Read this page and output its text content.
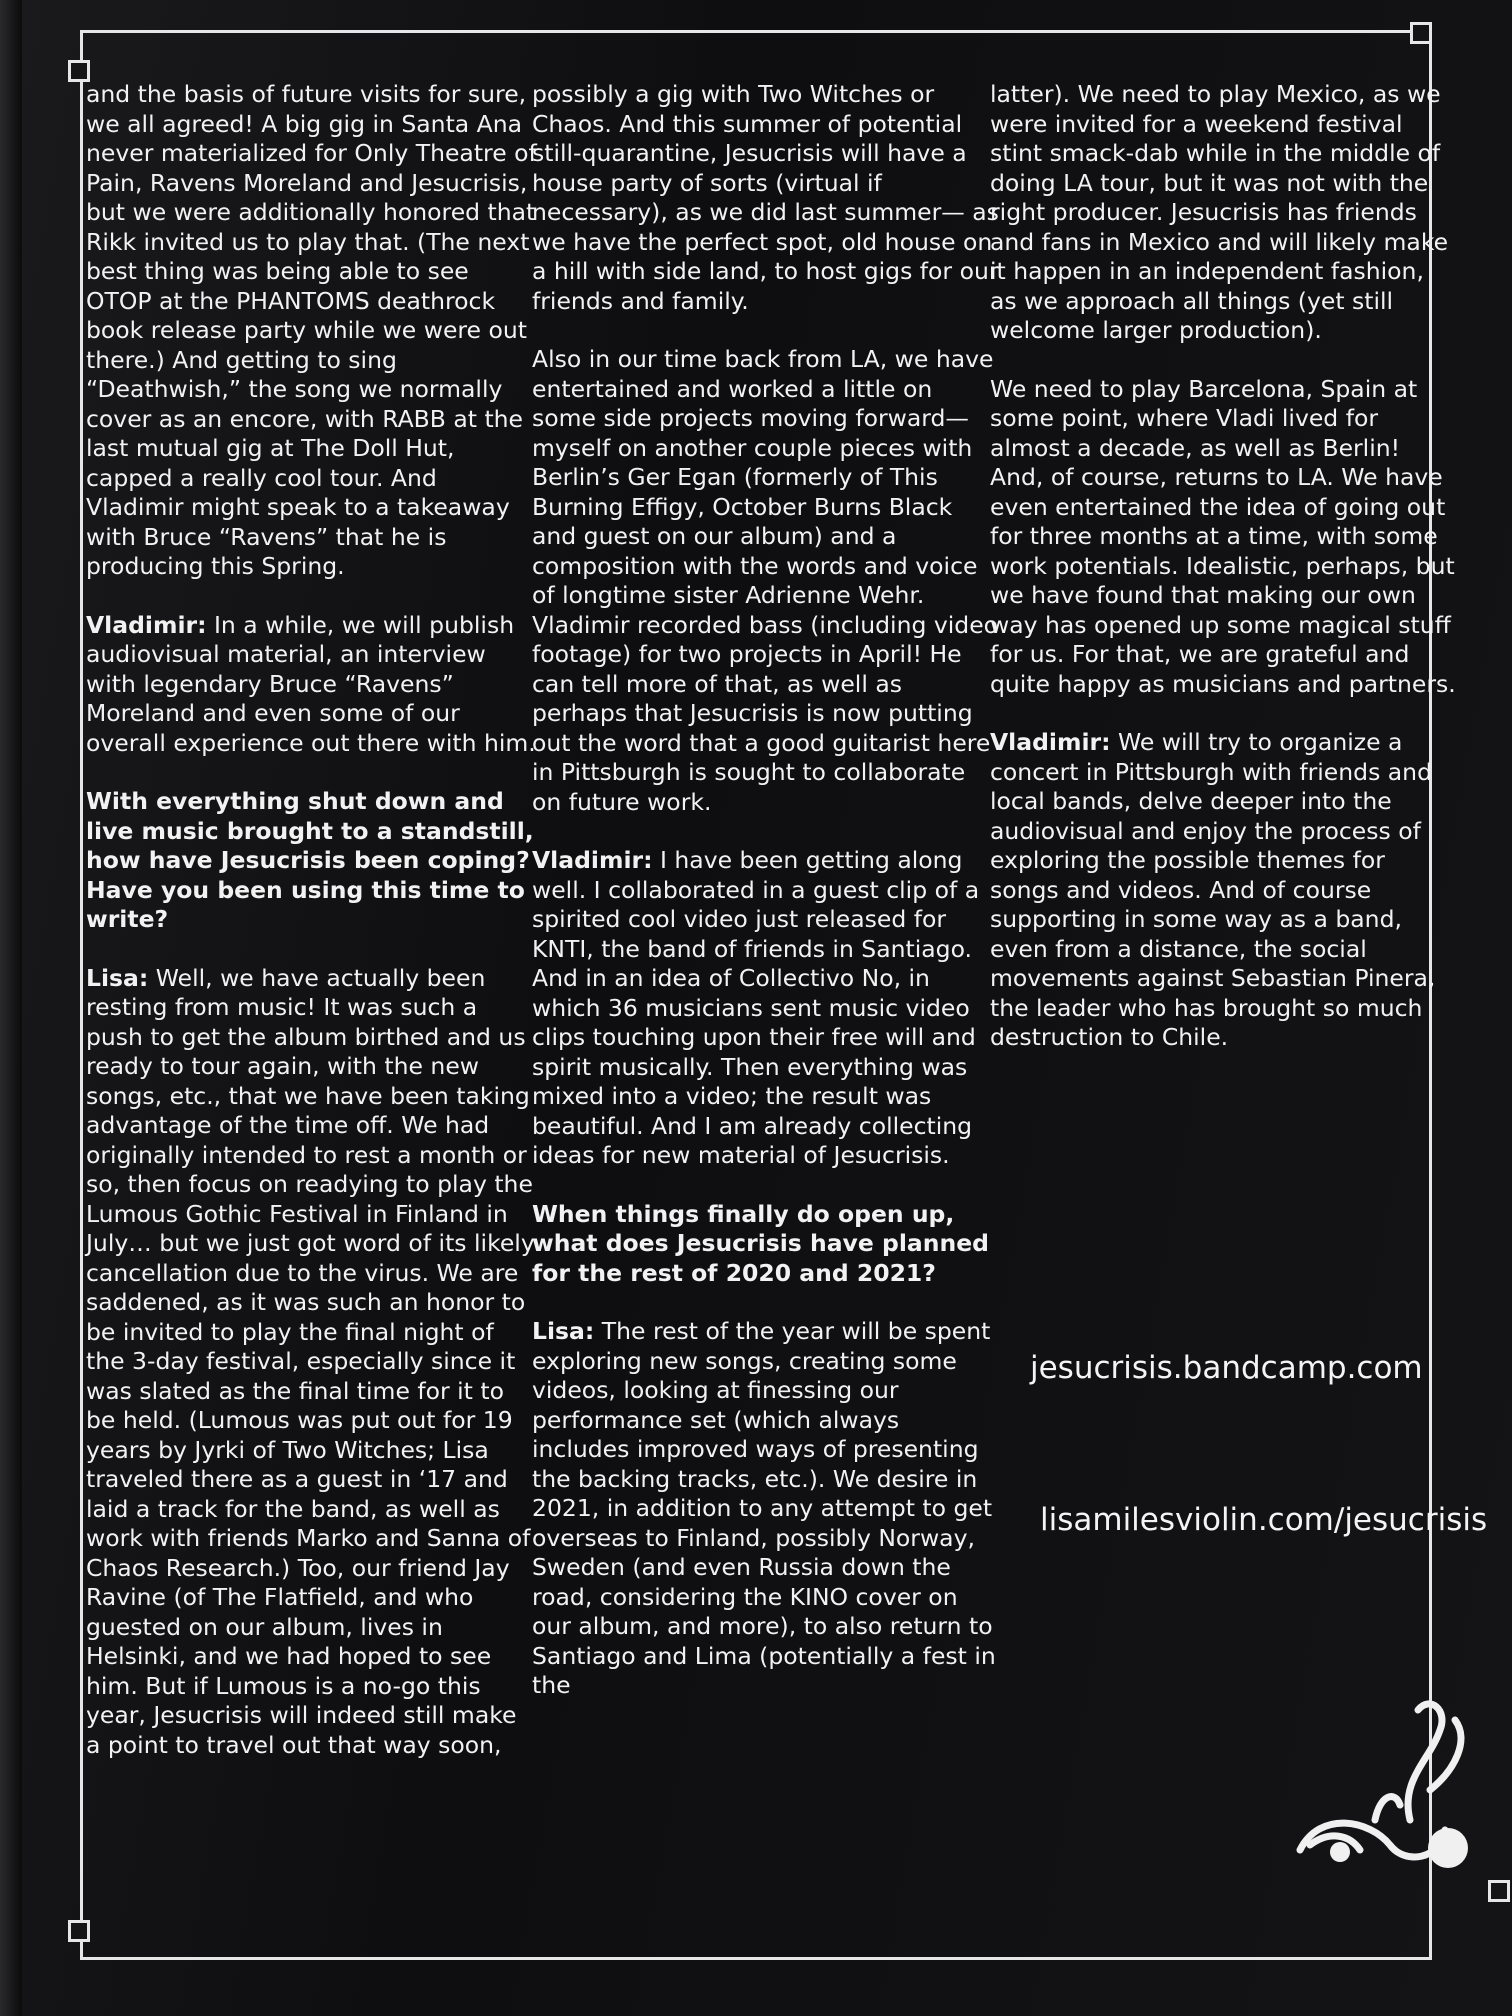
and the basis of future visits for sure, we all agreed! A big gig in Santa Ana never materialized for Only Theatre of Pain, Ravens Moreland and Jesucrisis, but we were additionally honored that Rikk invited us to play that. (The next best thing was being able to see OTOP at the PHANTOMS deathrock book release party while we were out there.) And getting to sing “Deathwish,” the song we normally cover as an encore, with RABB at the last mutual gig at The Doll Hut, capped a really cool tour. And Vladimir might speak to a takeaway with Bruce “Ravens” that he is producing this Spring.

Vladimir: In a while, we will publish audiovisual material, an interview with legendary Bruce “Ravens” Moreland and even some of our overall experience out there with him.

With everything shut down and live music brought to a standstill, how have Jesucrisis been coping? Have you been using this time to write?

Lisa: Well, we have actually been resting from music! It was such a push to get the album birthed and us ready to tour again, with the new songs, etc., that we have been taking advantage of the time off. We had originally intended to rest a month or so, then focus on readying to play the Lumous Gothic Festival in Finland in July… but we just got word of its likely cancellation due to the virus. We are saddened, as it was such an honor to be invited to play the final night of the 3-day festival, especially since it was slated as the final time for it to be held. (Lumous was put out for 19 years by Jyrki of Two Witches; Lisa traveled there as a guest in ‘17 and laid a track for the band, as well as work with friends Marko and Sanna of Chaos Research.) Too, our friend Jay Ravine (of The Flatfield, and who guested on our album, lives in Helsinki, and we had hoped to see him. But if Lumous is a no-go this year, Jesucrisis will indeed still make a point to travel out that way soon,

possibly a gig with Two Witches or Chaos. And this summer of potential still-quarantine, Jesucrisis will have a house party of sorts (virtual if necessary), as we did last summer— as we have the perfect spot, old house on a hill with side land, to host gigs for our friends and family.

Also in our time back from LA, we have entertained and worked a little on some side projects moving forward—myself on another couple pieces with Berlin’s Ger Egan (formerly of This Burning Effigy, October Burns Black and guest on our album) and a composition with the words and voice of longtime sister Adrienne Wehr. Vladimir recorded bass (including video footage) for two projects in April! He can tell more of that, as well as perhaps that Jesucrisis is now putting out the word that a good guitarist here in Pittsburgh is sought to collaborate on future work.

Vladimir: I have been getting along well. I collaborated in a guest clip of a spirited cool video just released for KNTI, the band of friends in Santiago. And in an idea of Collectivo No, in which 36 musicians sent music video clips touching upon their free will and spirit musically. Then everything was mixed into a video; the result was beautiful. And I am already collecting ideas for new material of Jesucrisis.

When things finally do open up, what does Jesucrisis have planned for the rest of 2020 and 2021?

Lisa: The rest of the year will be spent exploring new songs, creating some videos, looking at finessing our performance set (which always includes improved ways of presenting the backing tracks, etc.). We desire in 2021, in addition to any attempt to get overseas to Finland, possibly Norway, Sweden (and even Russia down the road, considering the KINO cover on our album, and more), to also return to Santiago and Lima (potentially a fest in the

latter). We need to play Mexico, as we were invited for a weekend festival stint smack-dab while in the middle of doing LA tour, but it was not with the right producer. Jesucrisis has friends and fans in Mexico and will likely make it happen in an independent fashion, as we approach all things (yet still welcome larger production).

We need to play Barcelona, Spain at some point, where Vladi lived for almost a decade, as well as Berlin! And, of course, returns to LA. We have even entertained the idea of going out for three months at a time, with some work potentials. Idealistic, perhaps, but we have found that making our own way has opened up some magical stuff for us. For that, we are grateful and quite happy as musicians and partners.

Vladimir: We will try to organize a concert in Pittsburgh with friends and local bands, delve deeper into the audiovisual and enjoy the process of exploring the possible themes for songs and videos. And of course supporting in some way as a band, even from a distance, the social movements against Sebastian Pinera, the leader who has brought so much destruction to Chile.

jesucrisis.bandcamp.com
lisamilesviolin.com/jesucrisis
